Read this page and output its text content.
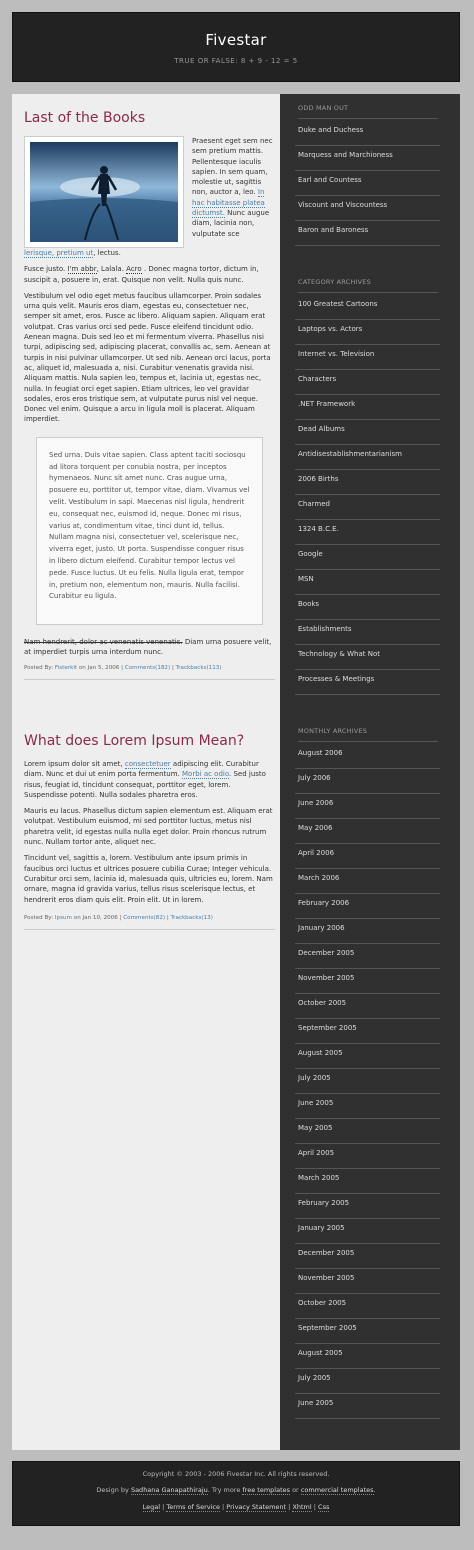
Fivestar

TRUE OR FALSE: 8 + 9 - 12 = 5

Last of the Books

Praesent eget sem nec sem pretium mattis. Pellentesque iaculis sapien. In sem quam, molestie ut, sagittis non, auctor a, leo. In hac habitasse platea dictumst. Nunc augue diam, lacinia non, vulputate sce

lerisque, pretium ut, lectus.

Fusce justo. I'm abbr, Lalala. Acro . Donec magna tortor, dictum in, suscipit a, posuere in, erat. Quisque non velit. Nulla quis nunc.

Vestibulum vel odio eget metus faucibus ullamcorper. Proin sodales urna quis velit. Mauris eros diam, egestas eu, consectetuer nec, semper sit amet, eros. Fusce ac libero. Aliquam sapien. Aliquam erat volutpat. Cras varius orci sed pede. Fusce eleifend tincidunt odio. Aenean magna. Duis sed leo et mi fermentum viverra. Phasellus nisi turpi, adipiscing sed, adipiscing placerat, convallis ac, sem. Aenean at turpis in nisi pulvinar ullamcorper. Ut sed nib. Aenean orci lacus, porta ac, aliquet id, malesuada a, nisi. Curabitur venenatis gravida nisi. Aliquam mattis. Nula sapien leo, tempus et, lacinia ut, egestas nec, nulla. In feugiat orci eget sapien. Etiam ultrices, leo vel gravidar sodales, eros eros tristique sem, at vulputate purus nisl vel neque. Donec vel enim. Quisque a arcu in ligula moll is placerat. Aliquam imperdiet.

Sed urna. Duis vitae sapien. Class aptent taciti sociosqu ad litora torquent per conubia nostra, per inceptos hymenaeos. Nunc sit amet nunc. Cras augue urna, posuere eu, porttitor ut, tempor vitae, diam. Vivamus vel velit. Vestibulum in sapi. Maecenas nisl ligula, hendrerit eu, consequat nec, euismod id, neque. Donec mi risus, varius at, condimentum vitae, tinci dunt id, tellus. Nullam magna nisi, consectetuer vel, scelerisque nec, viverra eget, justo. Ut porta. Suspendisse conguer risus in libero dictum eleifend. Curabitur tempor lectus vel pede. Fusce luctus. Ut eu felis. Nulla ligula erat, tempor in, pretium non, elementum non, mauris. Nulla facilisi. Curabitur eu ligula.

Nam hendrerit, dolor ac venenatis venenatis. Diam urna posuere velit, at imperdiet turpis urna interdum nunc.

Posted By: Fisterkit on Jan 5, 2006 | Comments(182) | Trackbacks(113)
What does Lorem Ipsum Mean?

Lorem ipsum dolor sit amet, consectetuer adipiscing elit. Curabitur diam. Nunc et dui ut enim porta fermentum. Morbi ac odio. Sed justo risus, feugiat id, tincidunt consequat, porttitor eget, lorem. Suspendisse potenti. Nulla sodales pharetra eros.

Mauris eu lacus. Phasellus dictum sapien elementum est. Aliquam erat volutpat. Vestibulum euismod, mi sed porttitor luctus, metus nisl pharetra velit, id egestas nulla nulla eget dolor. Proin rhoncus rutrum nunc. Nullam tortor ante, aliquet nec.

Tincidunt vel, sagittis a, lorem. Vestibulum ante ipsum primis in faucibus orci luctus et ultrices posuere cubilia Curae; Integer vehicula. Curabitur orci sem, lacinia id, malesuada quis, ultricies eu, lorem. Nam ornare, magna id gravida varius, tellus risus scelerisque lectus, et hendrerit eros diam quis elit. Proin elit. Ut in lorem.

Posted By: Ipsum on Jan 10, 2006 | Comments(82) | Trackbacks(13)
ODD MAN OUT
Duke and Duchess
Marquess and Marchioness
Earl and Countess
Viscount and Viscountess
Baron and Baroness
CATEGORY ARCHIVES
100 Greatest Cartoons
Laptops vs. Actors
Internet vs. Television
Characters
.NET Framework
Dead Albums
Antidisestablishmentarianism
2006 Births
Charmed
1324 B.C.E.
Google
MSN
Books
Establishments
Technology & What Not
Processes & Meetings
MONTHLY ARCHIVES
August 2006
July 2006
June 2006
May 2006
April 2006
March 2006
February 2006
January 2006
December 2005
November 2005
October 2005
September 2005
August 2005
July 2005
June 2005
May 2005
April 2005
March 2005
February 2005
January 2005
December 2005
November 2005
October 2005
September 2005
August 2005
July 2005
June 2005
Copyright © 2003 - 2006 Fivestar Inc. All rights reserved.
Design by Sadhana Ganapathiraju. Try more free templates or commercial templates.
Legal | Terms of Service | Privacy Statement | Xhtml | Css
